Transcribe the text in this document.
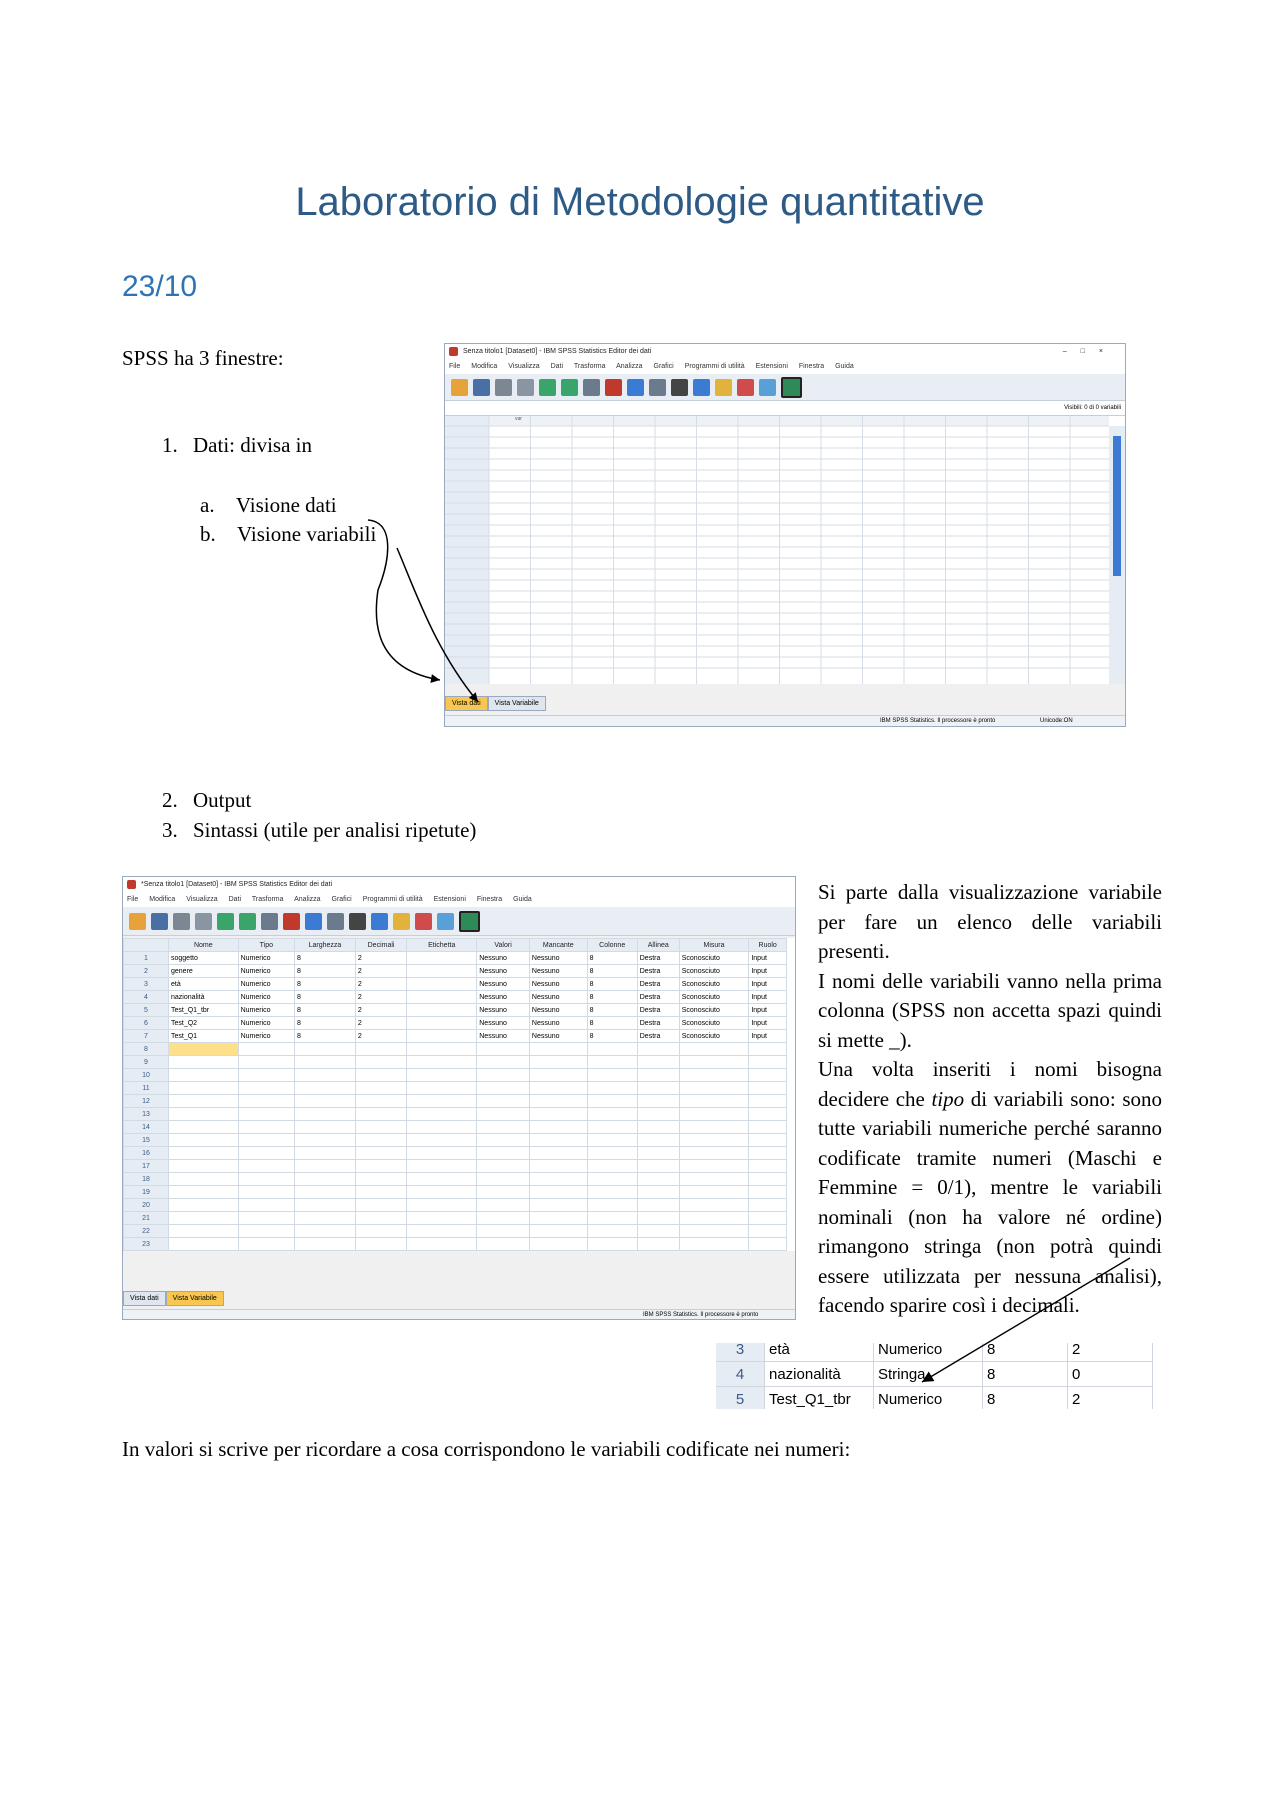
Laboratorio di Metodologie quantitative
23/10
SPSS ha 3 finestre:
1. Dati: divisa in
a. Visione dati
b. Visione variabili
Senza titolo1 [Dataset0] - IBM SPSS Statistics Editor dei dati	–□×
File Modifica Visualizza Dati Trasforma Analizza Grafici Programmi di utilità Estensioni Finestra Guida
Visibili: 0 di 0 variabili
var
Vista dati	Vista Variabile
IBM SPSS Statistics. Il processore è pronto	Unicode:ON
2. Output
3. Sintassi (utile per analisi ripetute)
*Senza titolo1 [Dataset0] - IBM SPSS Statistics Editor dei dati
File Modifica Visualizza Dati Trasforma Analizza Grafici Programmi di utilità Estensioni Finestra Guida
	Nome	Tipo	Larghezza	Decimali	Etichetta	Valori	Mancante	Colonne	Allinea	Misura	Ruolo
1	soggetto	Numerico	8	2		Nessuno	Nessuno	8	Destra	Sconosciuto	Input
2	genere	Numerico	8	2		Nessuno	Nessuno	8	Destra	Sconosciuto	Input
3	età	Numerico	8	2		Nessuno	Nessuno	8	Destra	Sconosciuto	Input
4	nazionalità	Numerico	8	2		Nessuno	Nessuno	8	Destra	Sconosciuto	Input
5	Test_Q1_tbr	Numerico	8	2		Nessuno	Nessuno	8	Destra	Sconosciuto	Input
6	Test_Q2	Numerico	8	2		Nessuno	Nessuno	8	Destra	Sconosciuto	Input
7	Test_Q1	Numerico	8	2		Nessuno	Nessuno	8	Destra	Sconosciuto	Input
8											
9											
10											
11											
12											
13											
14											
15											
16											
17											
18											
19											
20											
21											
22											
23											
Vista dati	Vista Variabile
IBM SPSS Statistics. Il processore è pronto
Si parte dalla visualizzazione variabile per fare un elenco delle variabili presenti.
I nomi delle variabili vanno nella prima colonna (SPSS non accetta spazi quindi si mette _).
Una volta inseriti i nomi bisogna decidere che tipo di variabili sono: sono tutte variabili numeriche perché saranno codificate tramite numeri (Maschi e Femmine = 0/1), mentre le variabili nominali (non ha valore né ordine) rimangono stringa (non potrà quindi essere utilizzata per nessuna analisi), facendo sparire così i decimali.
3	età	Numerico	8	2
4	nazionalità	Stringa	8	0
5	Test_Q1_tbr	Numerico	8	2
In valori si scrive per ricordare a cosa corrispondono le variabili codificate nei numeri:
